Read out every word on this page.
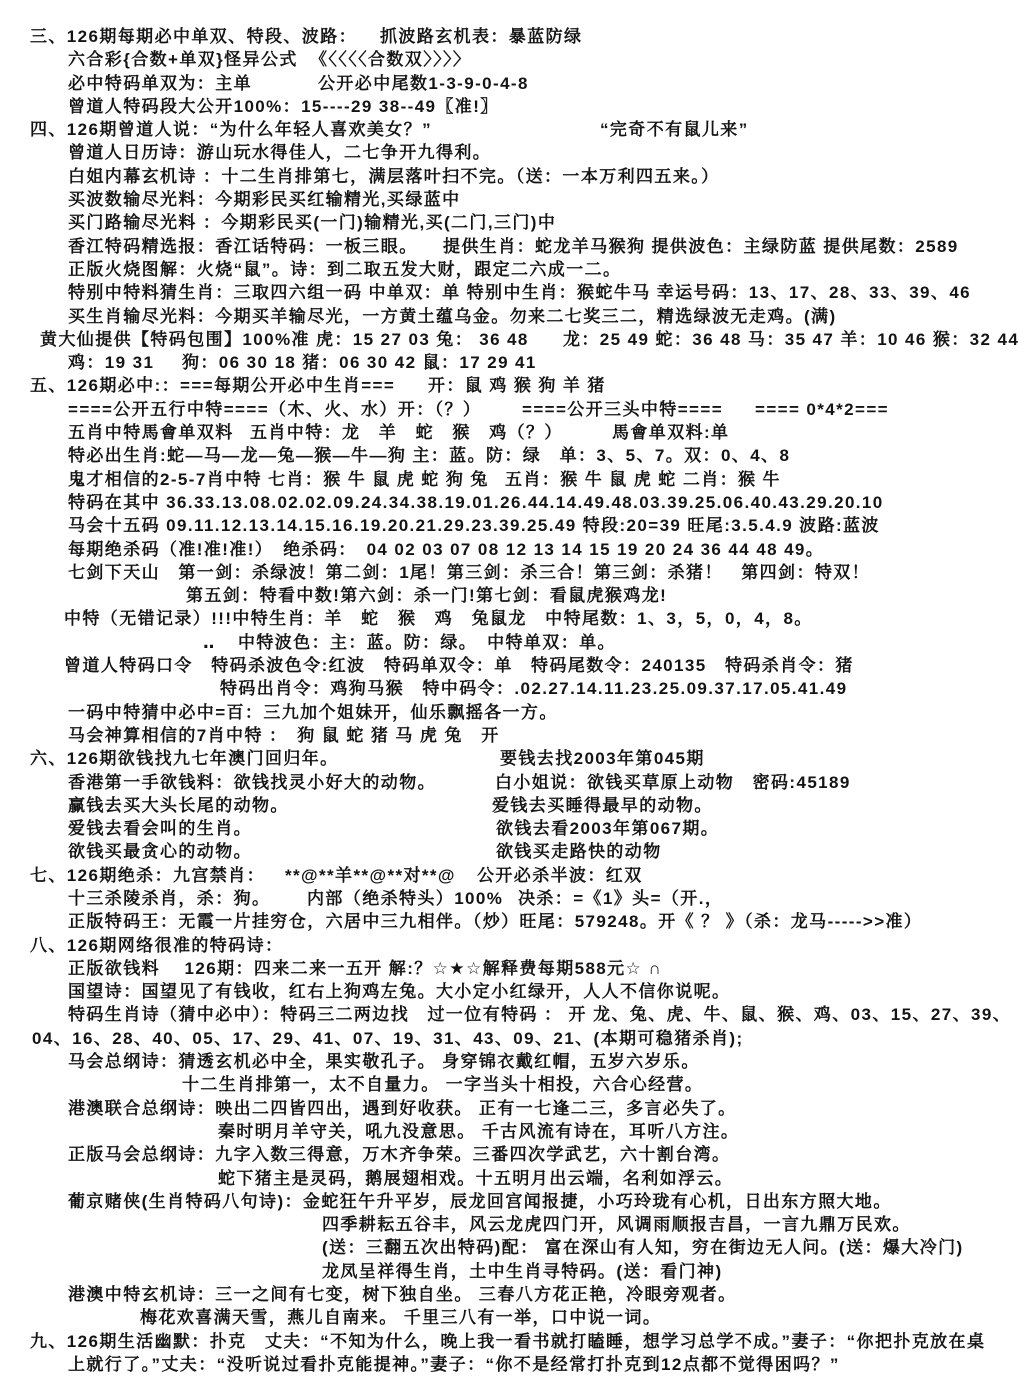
三、126期每期必中单双、特段、波路： 抓波路玄机表：暴蓝防绿
六合彩{合数+单双}怪异公式 《〈〈〈〈合数双〉〉〉〉
必中特码单双为：主单	公开必中尾数1-3-9-0-4-8
曾道人特码段大公开100%：15----29 38--49〖准!〗
四、126期曾道人说：“为什么年轻人喜欢美女？”	“完奇不有鼠儿来”
曾道人日历诗：游山玩水得佳人，二七争开九得利。
白姐内幕玄机诗 ：十二生肖排第七，满层落叶扫不完。（送：一本万利四五来。）
买波数输尽光料：今期彩民买红输精光,买绿蓝中
买门路输尽光料 ：今期彩民买(一门)输精光,买(二门,三门)中
香江特码精选报：香江话特码：一板三眼。 提供生肖：蛇龙羊马猴狗 提供波色：主绿防蓝 提供尾数：2589
正版火烧图解：火烧“鼠”。诗：到二取五发大财，跟定二六成一二。
特别中特料猜生肖：三取四六组一码 中单双：单 特别中生肖：猴蛇牛马 幸运号码：13、17、28、33、39、46
买生肖输尽光料：今期买羊输尽光，一方黄土蕴乌金。勿来二七奖三二，精选绿波无走鸡。(满)
黄大仙提供【特码包围】100%准 虎：15 27 03 兔： 36 48 龙：25 49 蛇：36 48 马：35 47 羊：10 46 猴：32 44
鸡：19 31 狗：06 30 18 猪：06 30 42 鼠：17 29 41
五、126期必中:：===每期公开必中生肖=== 开：鼠 鸡 猴 狗 羊 猪
====公开五行中特====（木、火、水）开：（？） ====公开三头中特==== ==== 0*4*2===
五肖中特馬會单双料 五肖中特：龙　羊　蛇　猴　鸡（？）	馬會单双料:单
特必出生肖:蛇—马—龙—兔—猴—牛—狗 主：蓝。防：绿　单：3、5、7。双：0、4、8
鬼才相信的2-5-7肖中特 七肖：猴 牛 鼠 虎 蛇 狗 兔 五肖：猴 牛 鼠 虎 蛇 二肖：猴 牛
特码在其中 36.33.13.08.02.02.09.24.34.38.19.01.26.44.14.49.48.03.39.25.06.40.43.29.20.10
马会十五码 09.11.12.13.14.15.16.19.20.21.29.23.39.25.49 特段:20=39 旺尾:3.5.4.9 波路:蓝波
每期绝杀码（准!准!准!）　绝杀码：　04 02 03 07 08 12 13 14 15 19 20 24 36 44 48 49。
七剑下天山　第一剑：杀绿波！第二剑：1尾！第三剑：杀三合！第三剑：杀猪！　第四剑：特双！
第五剑：特看中数!第六剑：杀一门!第七剑：看鼠虎猴鸡龙!
中特（无错记录）!!!中特生肖：羊　蛇　猴　鸡　兔鼠龙　中特尾数：1、3，5，0，4，8。
‥ 中特波色：主：蓝。防：绿。　中特单双：单。
曾道人特码口令　特码杀波色令:红波　特码单双令：单　特码尾数令：240135　特码杀肖令：猪
特码出肖令：鸡狗马猴　特中码令：.02.27.14.11.23.25.09.37.17.05.41.49
一码中特猜中必中=百：三九加个姐妹开，仙乐飘摇各一方。
马会神算相信的7肖中特 ：　狗 鼠 蛇 猪 马 虎 兔　开
六、126期欲钱找九七年澳门回归年。	要钱去找2003年第045期
香港第一手欲钱料：欲钱找灵小好大的动物。	白小姐说：欲钱买草原上动物　密码:45189
赢钱去买大头长尾的动物。	爱钱去买睡得最早的动物。
爱钱去看会叫的生肖。	欲钱去看2003年第067期。
欲钱买最贪心的动物。	欲钱买走路快的动物
七、126期绝杀：九宫禁肖： **@**羊**@**对**@ 公开必杀半波：红双
十三杀陵杀肖，杀：狗。 内部（绝杀特头）100% 决杀：=《1》头=（开.，
正版特码王：无霞一片挂穷仓，六居中三九相伴。（炒）旺尾：579248。开《 ？ 》（杀：龙马----->>准）
八、126期网络很准的特码诗：
正版欲钱料　 126期：四来二来一五开 解:？☆★☆解释费每期588元☆ ∩
国望诗：国望见了有钱收，红右上狗鸡左兔。大小定小红绿开，人人不信你说呢。
特码生肖诗（猜中必中）：特码三二两边找　过一位有特码 ： 开 龙、兔、虎、牛、鼠、猴、鸡、03、15、27、39、
04、16、28、40、05、17、29、41、07、19、31、43、09、21、(本期可稳猪杀肖);
马会总纲诗：猜透玄机必中全，果实敬孔子。 身穿锦衣戴红帽，五岁六岁乐。
十二生肖排第一，太不自量力。 一字当头十相投，六合心经营。
港澳联合总纲诗：映出二四皆四出，遇到好收获。 正有一七逢二三，多言必失了。
秦时明月羊守关，吼九没意思。 千古风流有诗在，耳听八方注。
正版马会总纲诗：九字入数三得意，万木齐争荣。三番四次学武艺，六十割台湾。
蛇下猪主是灵码，鹅展翅相戏。十五明月出云端，名利如浮云。
葡京赌侠(生肖特码八句诗)：金蛇狂午升平岁，辰龙回宫闻报捷，小巧玲珑有心机，日出东方照大地。
四季耕耘五谷丰，风云龙虎四门开，风调雨顺报吉昌，一言九鼎万民欢。
(送：三翻五次出特码)配： 富在深山有人知，穷在街边无人问。(送：爆大冷门)
龙凤呈祥得生肖，土中生肖寻特码。(送：看门神)
港澳中特玄机诗：三一之间有七变，树下独自坐。 三春八方花正艳，冷眼旁观者。
梅花欢喜满天雪，燕儿自南来。 千里三八有一举，口中说一词。
九、126期生活幽默：扑克　丈夫：“不知为什么，晚上我一看书就打瞌睡，想学习总学不成。”妻子：“你把扑克放在桌
上就行了。”丈夫：“没听说过看扑克能提神。”妻子：“你不是经常打扑克到12点都不觉得困吗？”
